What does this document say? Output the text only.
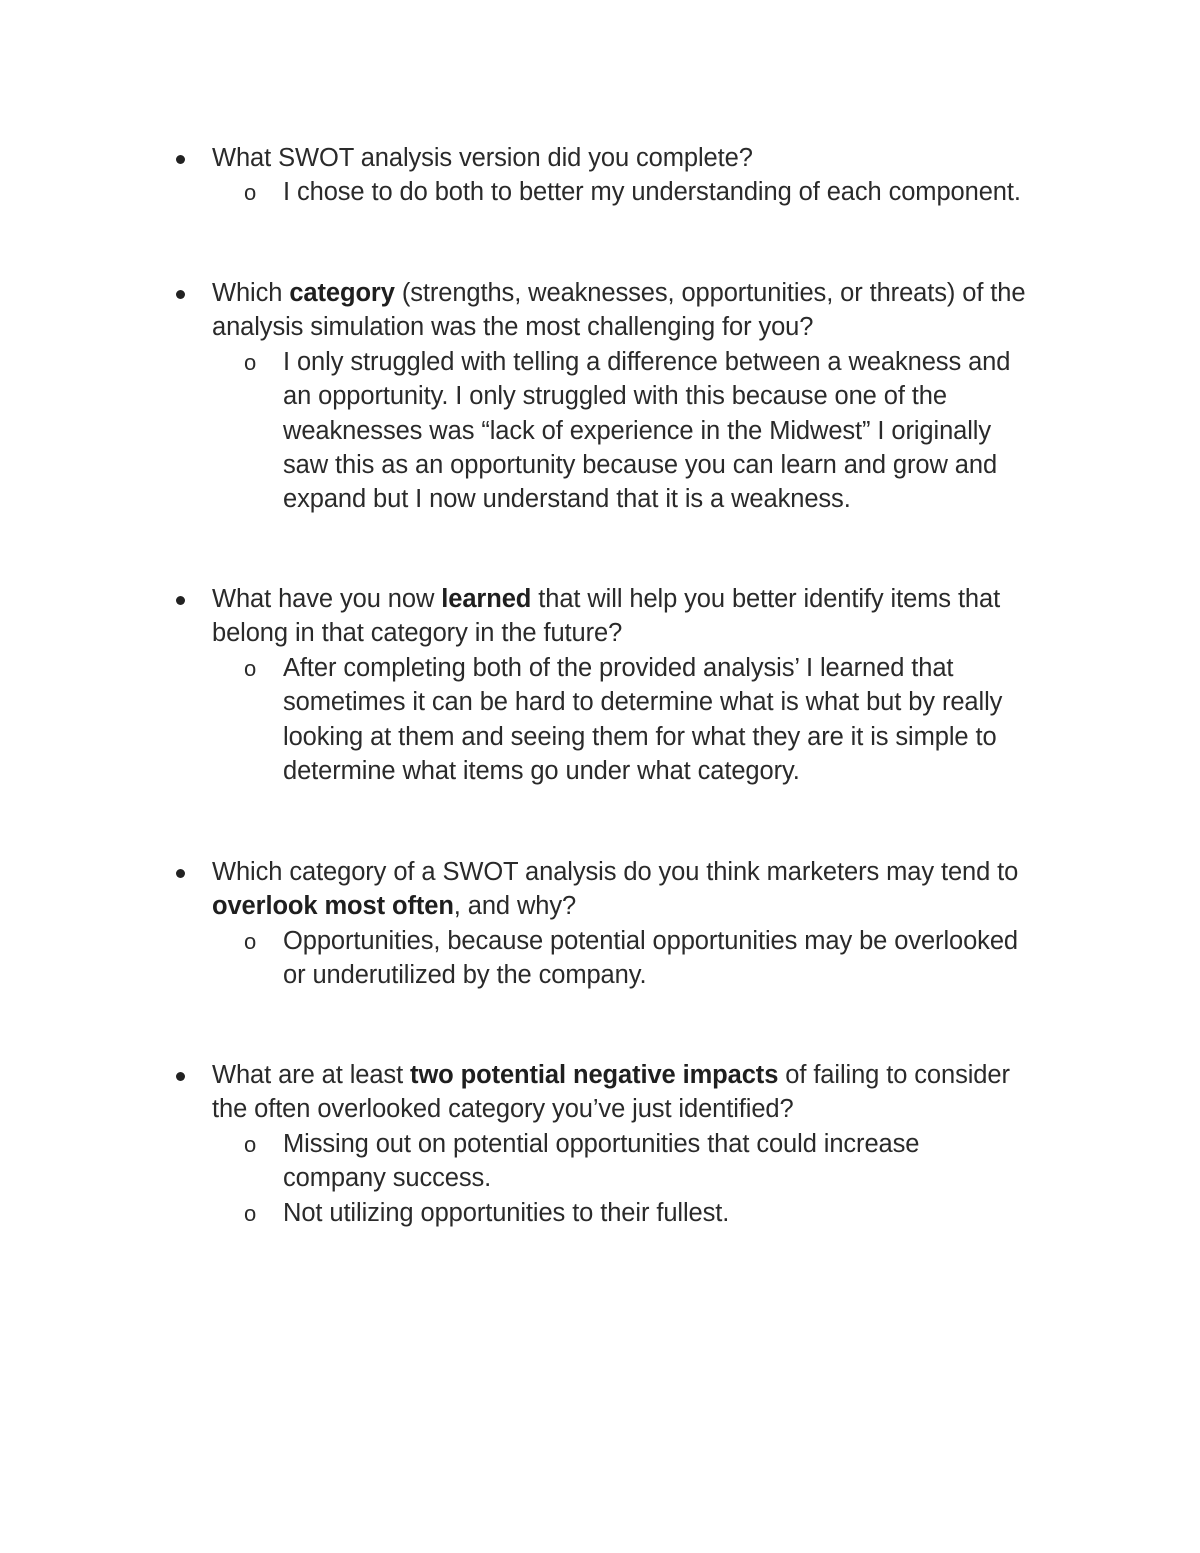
What SWOT analysis version did you complete?
o I chose to do both to better my understanding of each component.
Which category (strengths, weaknesses, opportunities, or threats) of the
analysis simulation was the most challenging for you?
o I only struggled with telling a difference between a weakness and
an opportunity. I only struggled with this because one of the
weaknesses was “lack of experience in the Midwest” I originally
saw this as an opportunity because you can learn and grow and
expand but I now understand that it is a weakness.
What have you now learned that will help you better identify items that
belong in that category in the future?
o After completing both of the provided analysis’ I learned that
sometimes it can be hard to determine what is what but by really
looking at them and seeing them for what they are it is simple to
determine what items go under what category.
Which category of a SWOT analysis do you think marketers may tend to
overlook most often, and why?
o Opportunities, because potential opportunities may be overlooked
or underutilized by the company.
What are at least two potential negative impacts of failing to consider
the often overlooked category you’ve just identified?
o Missing out on potential opportunities that could increase
company success.
o Not utilizing opportunities to their fullest.
